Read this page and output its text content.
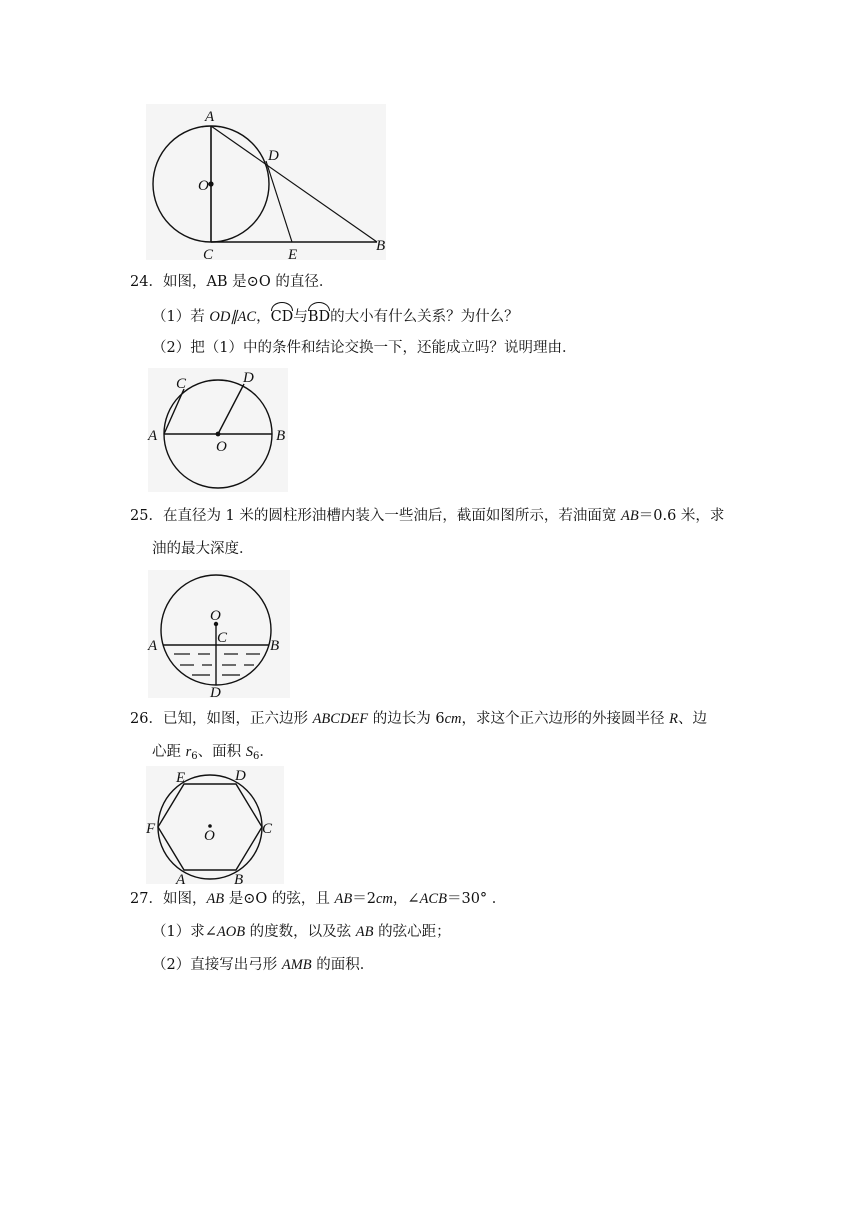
A
O
D
C	E
B
24．如图，AB 是⊙O 的直径．
（1）若 OD∥AC，CD与BD的大小有什么关系？为什么？
（2）把（1）中的条件和结论交换一下，还能成立吗？说明理由．
A	B
C	D
O
25．在直径为 1 米的圆柱形油槽内装入一些油后，截面如图所示，若油面宽 AB＝0.6 米，求
油的最大深度．
O
A	B
C
D
26．已知，如图，正六边形 ABCDEF 的边长为 6cm，求这个正六边形的外接圆半径 R、边
心距 $r_6$、面积 $S_6$．
E	D
F	C
O
A	B
27．如图，AB 是⊙O 的弦，且 AB＝2cm，∠ACB＝30° ．
（1）求∠AOB 的度数，以及弦 AB 的弦心距；
（2）直接写出弓形 AMB 的面积．
